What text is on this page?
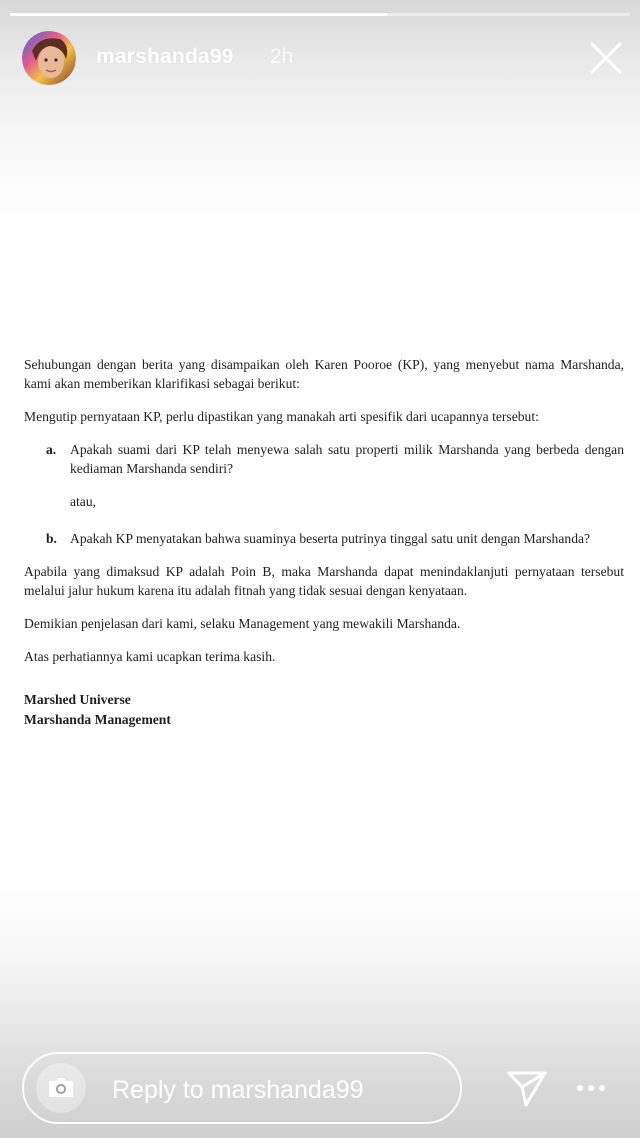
marshanda99 2h

Sehubungan dengan berita yang disampaikan oleh Karen Pooroe (KP), yang menyebut nama Marshanda, kami akan memberikan klarifikasi sebagai berikut:

Mengutip pernyataan KP, perlu dipastikan yang manakah arti spesifik dari ucapannya tersebut:

a. Apakah suami dari KP telah menyewa salah satu properti milik Marshanda yang berbeda dengan kediaman Marshanda sendiri?
atau,
b. Apakah KP menyatakan bahwa suaminya beserta putrinya tinggal satu unit dengan Marshanda?

Apabila yang dimaksud KP adalah Poin B, maka Marshanda dapat menindaklanjuti pernyataan tersebut melalui jalur hukum karena itu adalah fitnah yang tidak sesuai dengan kenyataan.

Demikian penjelasan dari kami, selaku Management yang mewakili Marshanda.

Atas perhatiannya kami ucapkan terima kasih.

Marshed Universe
Marshanda Management
Reply to marshanda99
